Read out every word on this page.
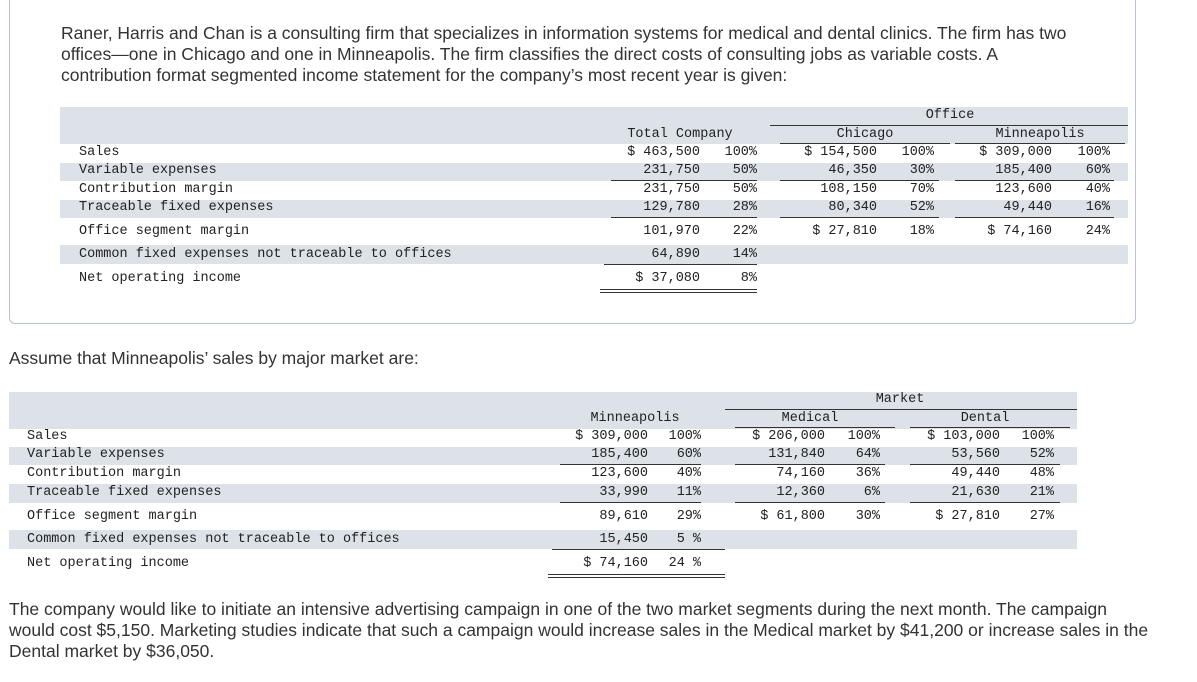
Raner, Harris and Chan is a consulting firm that specializes in information systems for medical and dental clinics. The firm has two offices—one in Chicago and one in Minneapolis. The firm classifies the direct costs of consulting jobs as variable costs. A contribution format segmented income statement for the company’s most recent year is given:
Office
Total Company	Chicago	Minneapolis
Sales	$ 463,500	100%	$ 154,500	100%	$ 309,000	100%
Variable expenses	231,750	50%	46,350	30%	185,400	60%
Contribution margin	231,750	50%	108,150	70%	123,600	40%
Traceable fixed expenses	129,780	28%	80,340	52%	49,440	16%
Office segment margin	101,970	22%	$ 27,810	18%	$ 74,160	24%
Common fixed expenses not traceable to offices	64,890	14%
Net operating income	$ 37,080	8%
Assume that Minneapolis’ sales by major market are:
Market
Minneapolis	Medical	Dental
Sales	$ 309,000	100%	$ 206,000	100%	$ 103,000	100%
Variable expenses	185,400	60%	131,840	64%	53,560	52%
Contribution margin	123,600	40%	74,160	36%	49,440	48%
Traceable fixed expenses	33,990	11%	12,360	6%	21,630	21%
Office segment margin	89,610	29%	$ 61,800	30%	$ 27,810	27%
Common fixed expenses not traceable to offices	15,450	5 %
Net operating income	$ 74,160	24 %
The company would like to initiate an intensive advertising campaign in one of the two market segments during the next month. The campaign would cost $5,150. Marketing studies indicate that such a campaign would increase sales in the Medical market by $41,200 or increase sales in the Dental market by $36,050.
